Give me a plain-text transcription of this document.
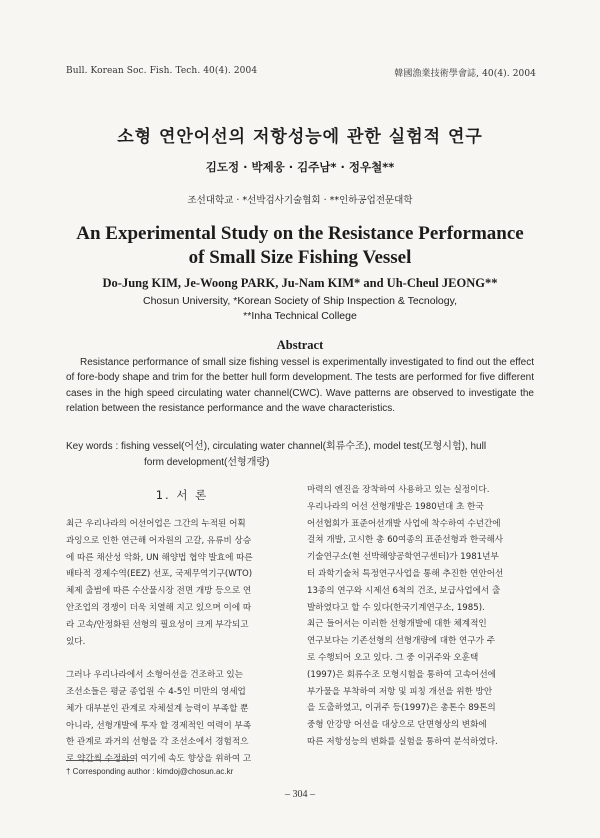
Bull. Korean Soc. Fish. Tech. 40(4). 2004	韓國漁業技術學會誌, 40(4). 2004
소형 연안어선의 저항성능에 관한 실험적 연구
김도정 · 박제웅 · 김주남* · 정우철**
조선대학교 · *선박검사기술협회 · **인하공업전문대학
An Experimental Study on the Resistance Performance
of Small Size Fishing Vessel
Do-Jung KIM, Je-Woong PARK, Ju-Nam KIM* and Uh-Cheul JEONG**
Chosun University, *Korean Society of Ship Inspection & Tecnology,
**Inha Technical College
Abstract
Resistance performance of small size fishing vessel is experimentally investigated to find out the effect of fore-body shape and trim for the better hull form development. The tests are performed for five different cases in the high speed circulating water channel(CWC). Wave patterns are observed to investigate the relation between the resistance performance and the wave characteristics.
Key words : fishing vessel(어선), circulating water channel(회류수조), model test(모형시험), hull
form development(선형개량)
1. 서 론
최근 우리나라의 어선어업은 그간의 누적된 어획
과잉으로 인한 연근해 어자원의 고갈, 유류비 상승
에 따른 채산성 악화, UN 해양법 협약 발효에 따른
배타적 경제수역(EEZ) 선포, 국제무역기구(WTO)
체제 출범에 따른 수산물시장 전면 개방 등으로 연
안조업의 경쟁이 더욱 치열해 지고 있으며 이에 따
라 고속/안정화된 선형의 필요성이 크게 부각되고
있다.
그러나 우리나라에서 소형어선을 건조하고 있는
조선소들은 평균 종업원 수 4-5인 미만의 영세업
체가 대부분인 관계로 자체설계 능력이 부족할 뿐
아니라, 선형개발에 투자 할 경제적인 여력이 부족
한 관계로 과거의 선형을 각 조선소에서 경험적으
로 약간씩 수정하여 여기에 속도 향상을 위하여 고
마력의 엔진을 장착하여 사용하고 있는 실정이다.
우리나라의 어선 선형개발은 1980년대 초 한국
어선협회가 표준어선개발 사업에 착수하여 수년간에
걸쳐 개발, 고시한 총 60여종의 표준선형과 한국해사
기술연구소(현 선박해양공학연구센터)가 1981년부
터 과학기술처 특정연구사업을 통해 추진한 연안어선
13종의 연구와 시제선 6척의 건조, 보급사업에서 출
발하였다고 할 수 있다(한국기계연구소, 1985).
최근 들어서는 이러한 선형개발에 대한 체계적인
연구보다는 기존선형의 선형개량에 대한 연구가 주
로 수행되어 오고 있다. 그 중 이귀주와 오훈택
(1997)은 회류수조 모형시험을 통하여 고속어선에
부가물을 부착하여 저항 및 피칭 개선을 위한 방안
을 도출하였고, 이귀주 등(1997)은 총톤수 89톤의
중형 안강망 어선을 대상으로 단면형상의 변화에
따른 저항성능의 변화를 실험을 통하여 분석하였다.
† Corresponding author : kimdoj@chosun.ac.kr
– 304 –
